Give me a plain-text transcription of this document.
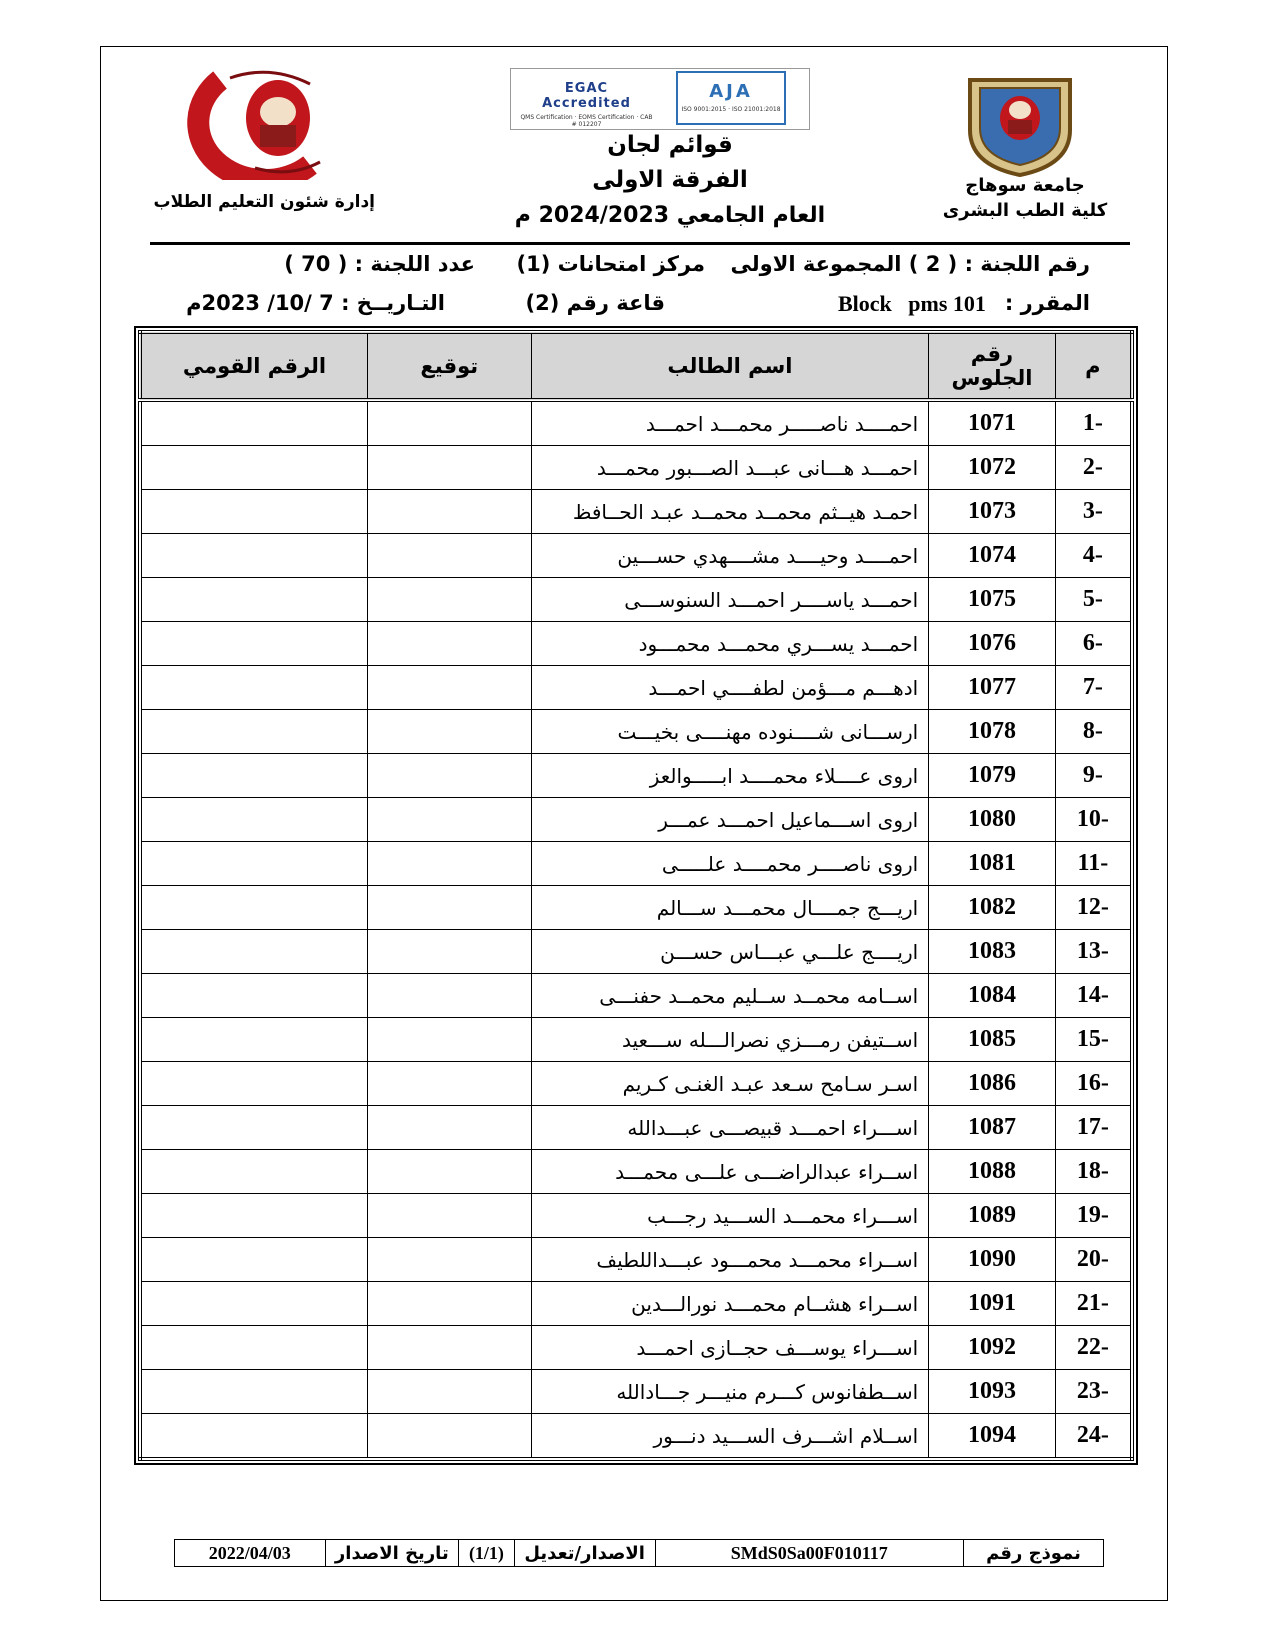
إدارة شئون التعليم الطلاب
EGAC Accredited
QMS Certification · EOMS Certification · CAB # 012207
AJA
ISO 9001:2015 · ISO 21001:2018
قوائم لجان
الفرقة الاولى
العام الجامعي 2024/2023 م
جامعة سوهاج
كلية الطب البشرى
رقم اللجنة : ( 2 ) المجموعة الاولى
مركز امتحانات (1)
عدد اللجنة : ( 70 )
المقرر :
Block   pms 101
قاعة رقم (2)
التـاريــخ : 7 /10/ 2023م
م	رقم الجلوس	اسم الطالب	توقيع	الرقم القومي
1-	1071	احمــــد ناصـــــر محمـــد احمـــد		
2-	1072	احمـــد هـــانى عبـــد الصـــبور محمـــد		
3-	1073	احمـد هيــثم محمــد محمــد عبـد الحــافظ		
4-	1074	احمــــد وحيــــد مشــــهدي حســـين		
5-	1075	احمـــد ياســــر احمـــد السنوســـى		
6-	1076	احمـــد يســـري محمـــد محمـــود		
7-	1077	ادهـــم مـــؤمن لطفــــي احمـــد		
8-	1078	ارســـانى شــــنوده مهنــــى بخيـــت		
9-	1079	اروى عــــلاء محمــــد ابـــــوالعز		
10-	1080	اروى اســـماعيل احمـــد عمـــر		
11-	1081	اروى ناصــــر محمــــد علـــــى		
12-	1082	اريـــج جمــــال محمـــد ســـالم		
13-	1083	اريــــج علـــي عبـــاس حســـن		
14-	1084	اســامه محمــد ســليم محمــد حفنـــى		
15-	1085	اســتيفن رمـــزي نصرالـــله ســـعيد		
16-	1086	اسـر سـامح سـعد عبـد الغنـى كـريم		
17-	1087	اســـراء احمـــد قبيصـــى عبـــدالله		
18-	1088	اســراء عبدالراضـــى علـــى محمـــد		
19-	1089	اســـراء محمـــد الســـيد رجـــب		
20-	1090	اســراء محمـــد محمـــود عبـــداللطيف		
21-	1091	اســراء هشــام محمـــد نورالـــدين		
22-	1092	اســـراء يوســـف حجــازى احمـــد		
23-	1093	اســطفانوس كـــرم منيـــر جـــادالله		
24-	1094	اســلام اشـــرف الســـيد دنـــور		
نموذج رقم	SMdS0Sa00F010117	الاصدار/تعديل	(1/1)	تاريخ الاصدار	2022/04/03
